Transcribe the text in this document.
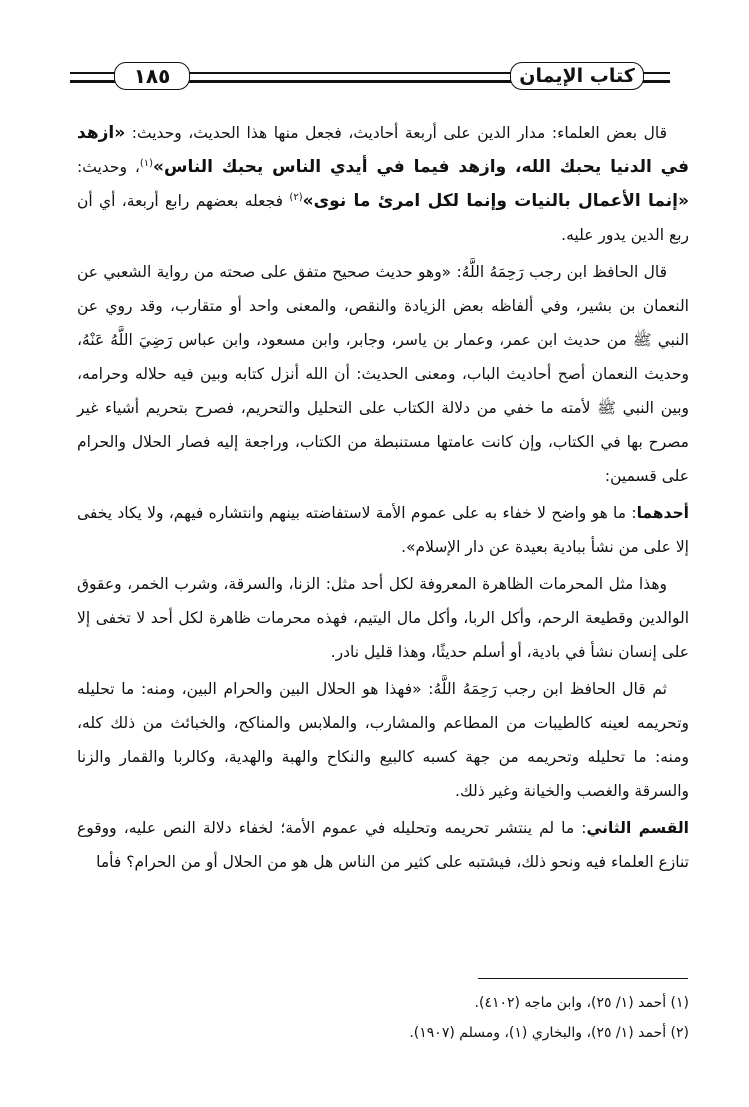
١٨٥	كتاب الإيمان

قال بعض العلماء: مدار الدين على أربعة أحاديث، فجعل منها هذا الحديث، وحديث: «ازهد في الدنيا يحبك الله، وازهد فيما في أيدي الناس يحبك الناس»$^{(١)}$، وحديث: «إنما الأعمال بالنيات وإنما لكل امرئ ما نوى»$^{(٢)}$ فجعله بعضهم رابع أربعة، أي أن ربع الدين يدور عليه.

قال الحافظ ابن رجب رَحِمَهُ اللَّهُ: «وهو حديث صحيح متفق على صحته من رواية الشعبي عن النعمان بن بشير، وفي ألفاظه بعض الزيادة والنقص، والمعنى واحد أو متقارب، وقد روي عن النبي ﷺ من حديث ابن عمر، وعمار بن ياسر، وجابر، وابن مسعود، وابن عباس رَضِيَ اللَّهُ عَنْهُ، وحديث النعمان أصح أحاديث الباب، ومعنى الحديث: أن الله أنزل كتابه وبين فيه حلاله وحرامه، وبين النبي ﷺ لأمته ما خفي من دلالة الكتاب على التحليل والتحريم، فصرح بتحريم أشياء غير مصرح بها في الكتاب، وإن كانت عامتها مستنبطة من الكتاب، وراجعة إليه فصار الحلال والحرام على قسمين:

أحدهما: ما هو واضح لا خفاء به على عموم الأمة لاستفاضته بينهم وانتشاره فيهم، ولا يكاد يخفى إلا على من نشأ ببادية بعيدة عن دار الإسلام».

وهذا مثل المحرمات الظاهرة المعروفة لكل أحد مثل: الزنا، والسرقة، وشرب الخمر، وعقوق الوالدين وقطيعة الرحم، وأكل الربا، وأكل مال اليتيم، فهذه محرمات ظاهرة لكل أحد لا تخفى إلا على إنسان نشأ في بادية، أو أسلم حديثًا، وهذا قليل نادر.

ثم قال الحافظ ابن رجب رَحِمَهُ اللَّهُ: «فهذا هو الحلال البين والحرام البين، ومنه: ما تحليله وتحريمه لعينه كالطيبات من المطاعم والمشارب، والملابس والمناكح، والخبائث من ذلك كله، ومنه: ما تحليله وتحريمه من جهة كسبه كالبيع والنكاح والهبة والهدية، وكالربا والقمار والزنا والسرقة والغصب والخيانة وغير ذلك.

القسم الثاني: ما لم ينتشر تحريمه وتحليله في عموم الأمة؛ لخفاء دلالة النص عليه، ووقوع تنازع العلماء فيه ونحو ذلك، فيشتبه على كثير من الناس هل هو من الحلال أو من الحرام؟ فأما

(١) أحمد (١/ ٢٥)، وابن ماجه (٤١٠٢).
(٢) أحمد (١/ ٢٥)، والبخاري (١)، ومسلم (١٩٠٧).
